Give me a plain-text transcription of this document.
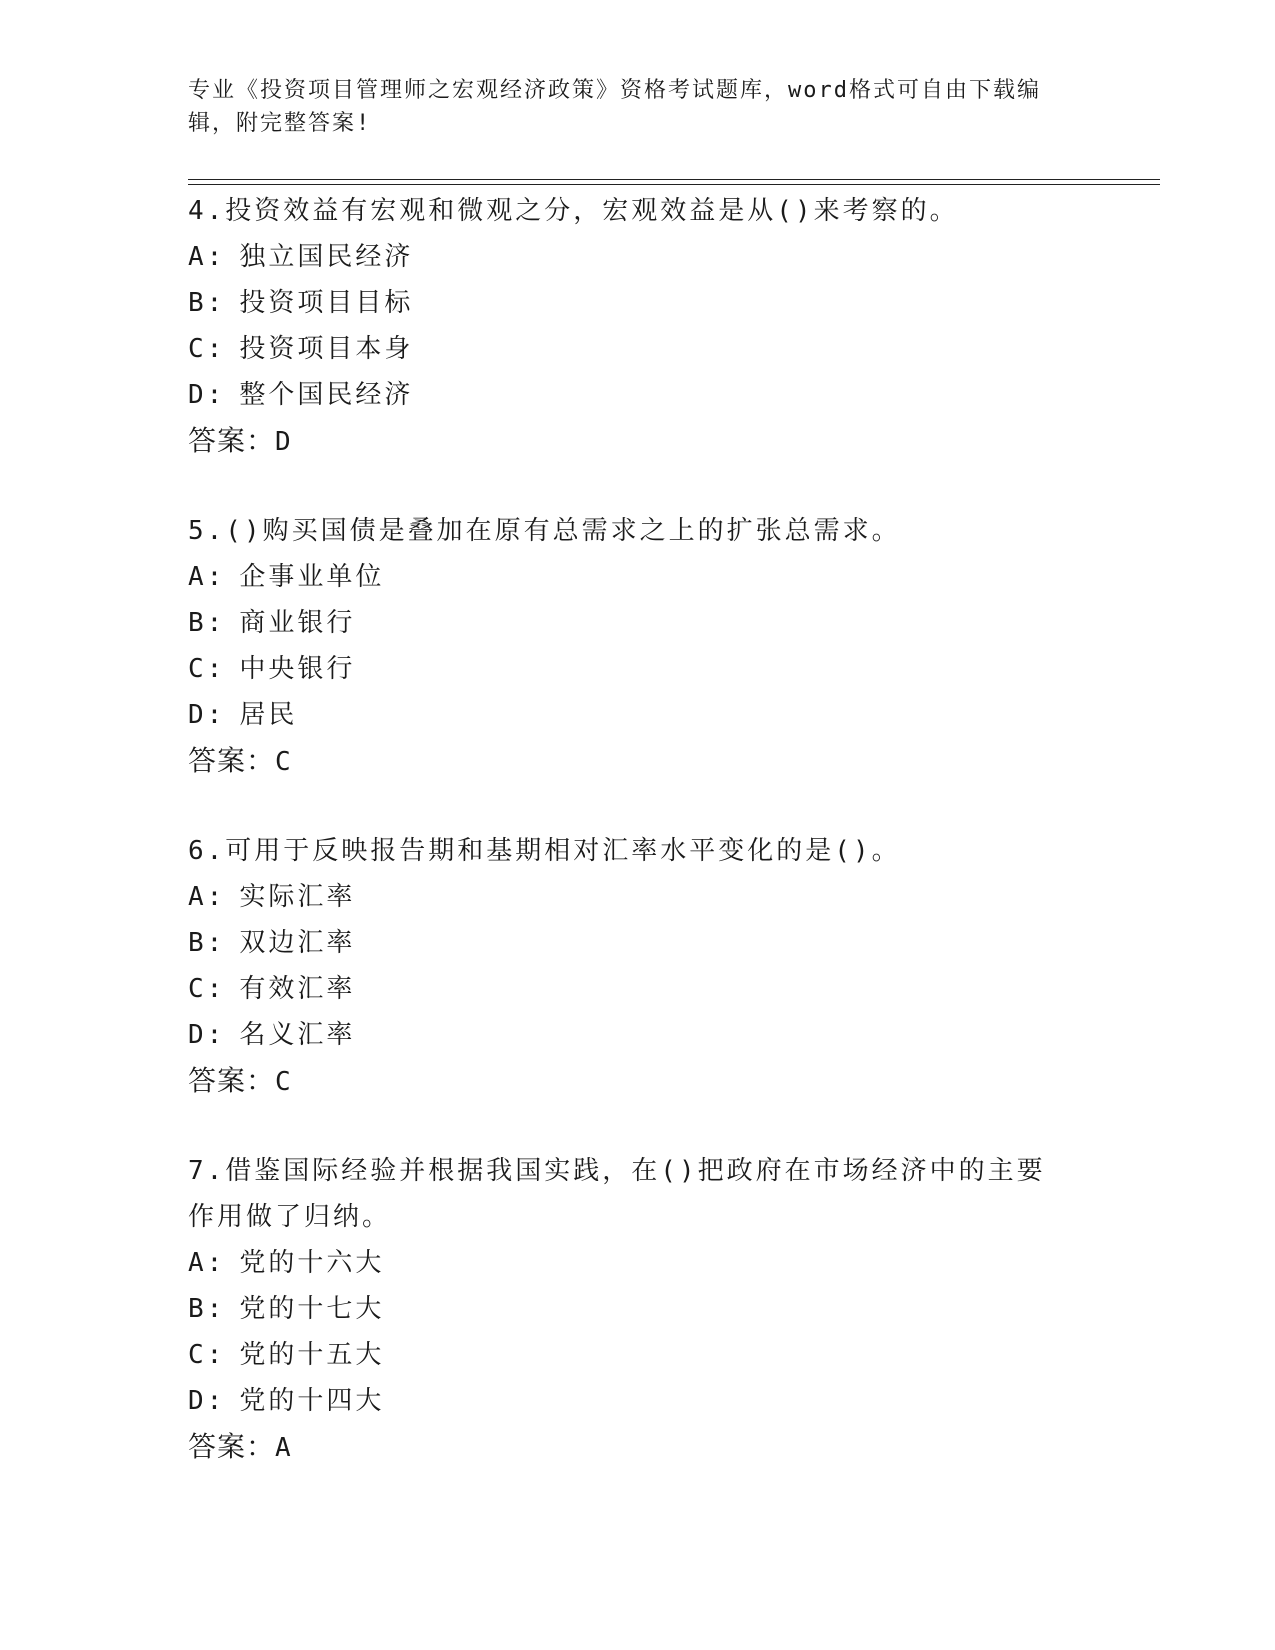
专业《投资项目管理师之宏观经济政策》资格考试题库，word格式可自由下载编辑，附完整答案!

4.投资效益有宏观和微观之分，宏观效益是从()来考察的。

A: 独立国民经济
B: 投资项目目标
C: 投资项目本身
D: 整个国民经济
答案：D

5.()购买国债是叠加在原有总需求之上的扩张总需求。

A: 企事业单位
B: 商业银行
C: 中央银行
D: 居民
答案：C

6.可用于反映报告期和基期相对汇率水平变化的是()。

A: 实际汇率
B: 双边汇率
C: 有效汇率
D: 名义汇率
答案：C

7.借鉴国际经验并根据我国实践，在()把政府在市场经济中的主要作用做了归纳。

A: 党的十六大
B: 党的十七大
C: 党的十五大
D: 党的十四大
答案：A
